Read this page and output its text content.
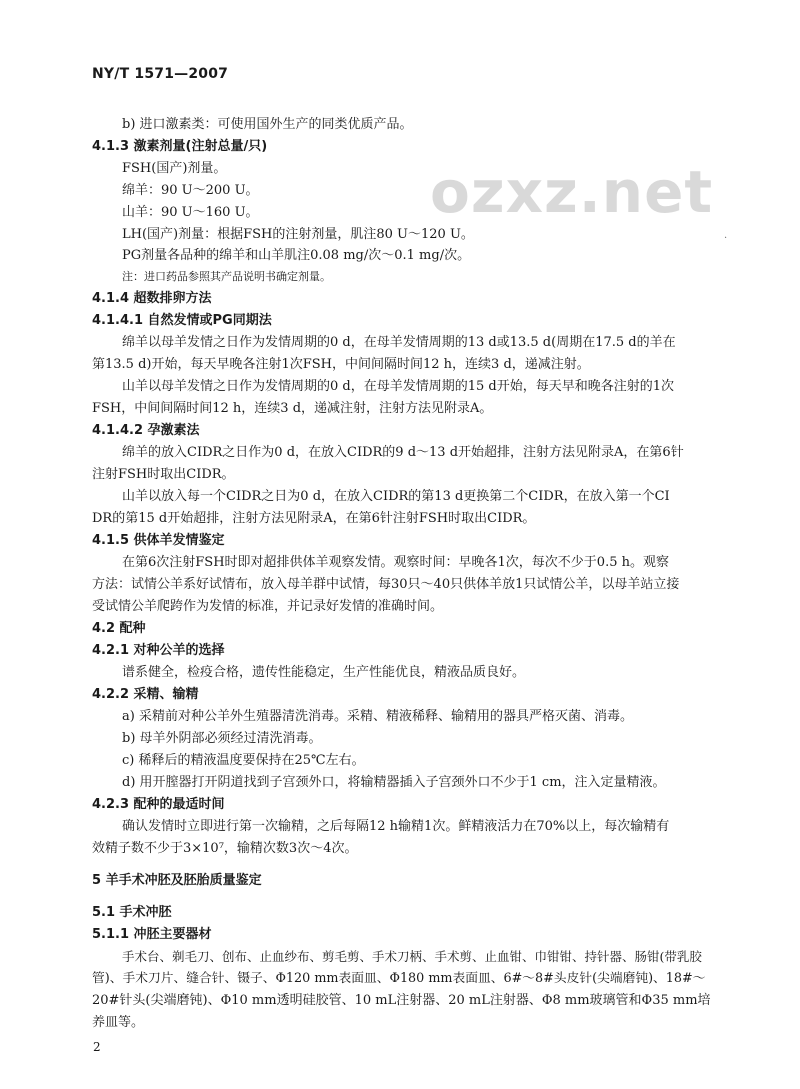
NY/T 1571—2007
ozxz.net
·
b) 进口激素类：可使用国外生产的同类优质产品。
4.1.3 激素剂量(注射总量/只)
FSH(国产)剂量。
绵羊：90 U～200 U。
山羊：90 U～160 U。
LH(国产)剂量：根据FSH的注射剂量，肌注80 U～120 U。
PG剂量各品种的绵羊和山羊肌注0.08 mg/次～0.1 mg/次。
注：进口药品参照其产品说明书确定剂量。
4.1.4 超数排卵方法
4.1.4.1 自然发情或PG同期法
绵羊以母羊发情之日作为发情周期的0 d，在母羊发情周期的13 d或13.5 d(周期在17.5 d的羊在
第13.5 d)开始，每天早晚各注射1次FSH，中间间隔时间12 h，连续3 d，递减注射。
山羊以母羊发情之日作为发情周期的0 d，在母羊发情周期的15 d开始，每天早和晚各注射的1次
FSH，中间间隔时间12 h，连续3 d，递减注射，注射方法见附录A。
4.1.4.2 孕激素法
绵羊的放入CIDR之日作为0 d，在放入CIDR的9 d～13 d开始超排，注射方法见附录A，在第6针
注射FSH时取出CIDR。
山羊以放入每一个CIDR之日为0 d，在放入CIDR的第13 d更换第二个CIDR，在放入第一个CI
DR的第15 d开始超排，注射方法见附录A，在第6针注射FSH时取出CIDR。
4.1.5 供体羊发情鉴定
在第6次注射FSH时即对超排供体羊观察发情。观察时间：早晚各1次，每次不少于0.5 h。观察
方法：试情公羊系好试情布，放入母羊群中试情，每30只～40只供体羊放1只试情公羊，以母羊站立接
受试情公羊爬跨作为发情的标准，并记录好发情的准确时间。
4.2 配种
4.2.1 对种公羊的选择
谱系健全，检疫合格，遗传性能稳定，生产性能优良，精液品质良好。
4.2.2 采精、输精
a) 采精前对种公羊外生殖器清洗消毒。采精、精液稀释、输精用的器具严格灭菌、消毒。
b) 母羊外阴部必须经过清洗消毒。
c) 稀释后的精液温度要保持在25℃左右。
d) 用开膣器打开阴道找到子宫颈外口，将输精器插入子宫颈外口不少于1 cm，注入定量精液。
4.2.3 配种的最适时间
确认发情时立即进行第一次输精，之后每隔12 h输精1次。鲜精液活力在70%以上，每次输精有
效精子数不少于3×10⁷，输精次数3次～4次。
5 羊手术冲胚及胚胎质量鉴定
5.1 手术冲胚
5.1.1 冲胚主要器材
手术台、剃毛刀、创布、止血纱布、剪毛剪、手术刀柄、手术剪、止血钳、巾钳钳、持针器、肠钳(带乳胶
管)、手术刀片、缝合针、镊子、Φ120 mm表面皿、Φ180 mm表面皿、6#～8#头皮针(尖端磨钝)、18#～
20#针头(尖端磨钝)、Φ10 mm透明硅胶管、10 mL注射器、20 mL注射器、Φ8 mm玻璃管和Φ35 mm培
养皿等。
2
